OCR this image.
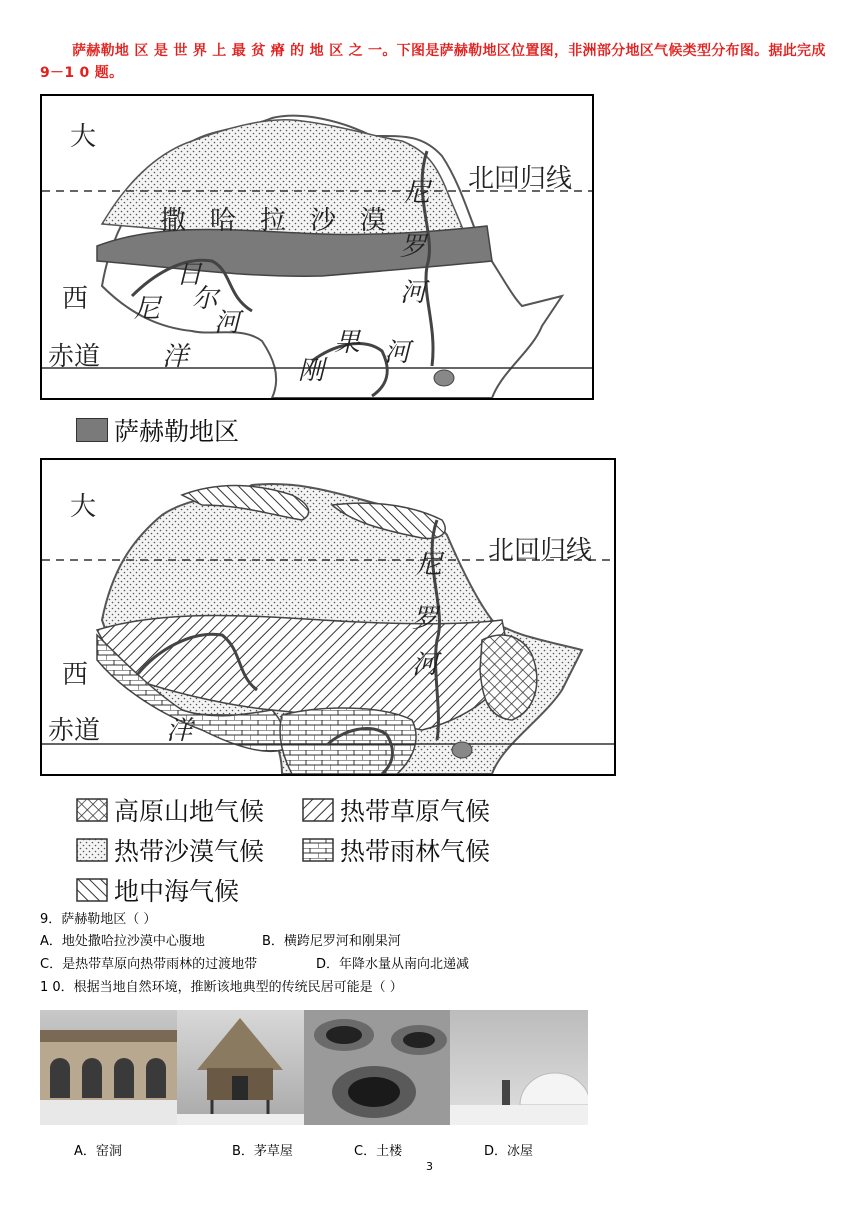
萨赫勒地 区 是 世 界 上 最 贫 瘠 的 地 区 之 一。下图是萨赫勒地区位置图，非洲部分地区气候类型分布图。据此完成 9－1 0 题。
大
北回归线
撒 哈 拉 沙 漠
尼
罗
河
西 尼
日
尔
河
赤道 洋	刚
果 河
萨赫勒地区
大
北回归线
尼
罗
河
西
赤道	洋
高原山地气候	热带草原气候
热带沙漠气候	热带雨林气候
地中海气候
9．萨赫勒地区（ ）
A．地处撒哈拉沙漠中心腹地	B．横跨尼罗河和刚果河
C．是热带草原向热带雨林的过渡地带	D．年降水量从南向北递减
1 0．根据当地自然环境，推断该地典型的传统民居可能是（ ）
A．窑洞	B．茅草屋	C．土楼	D．冰屋
3
